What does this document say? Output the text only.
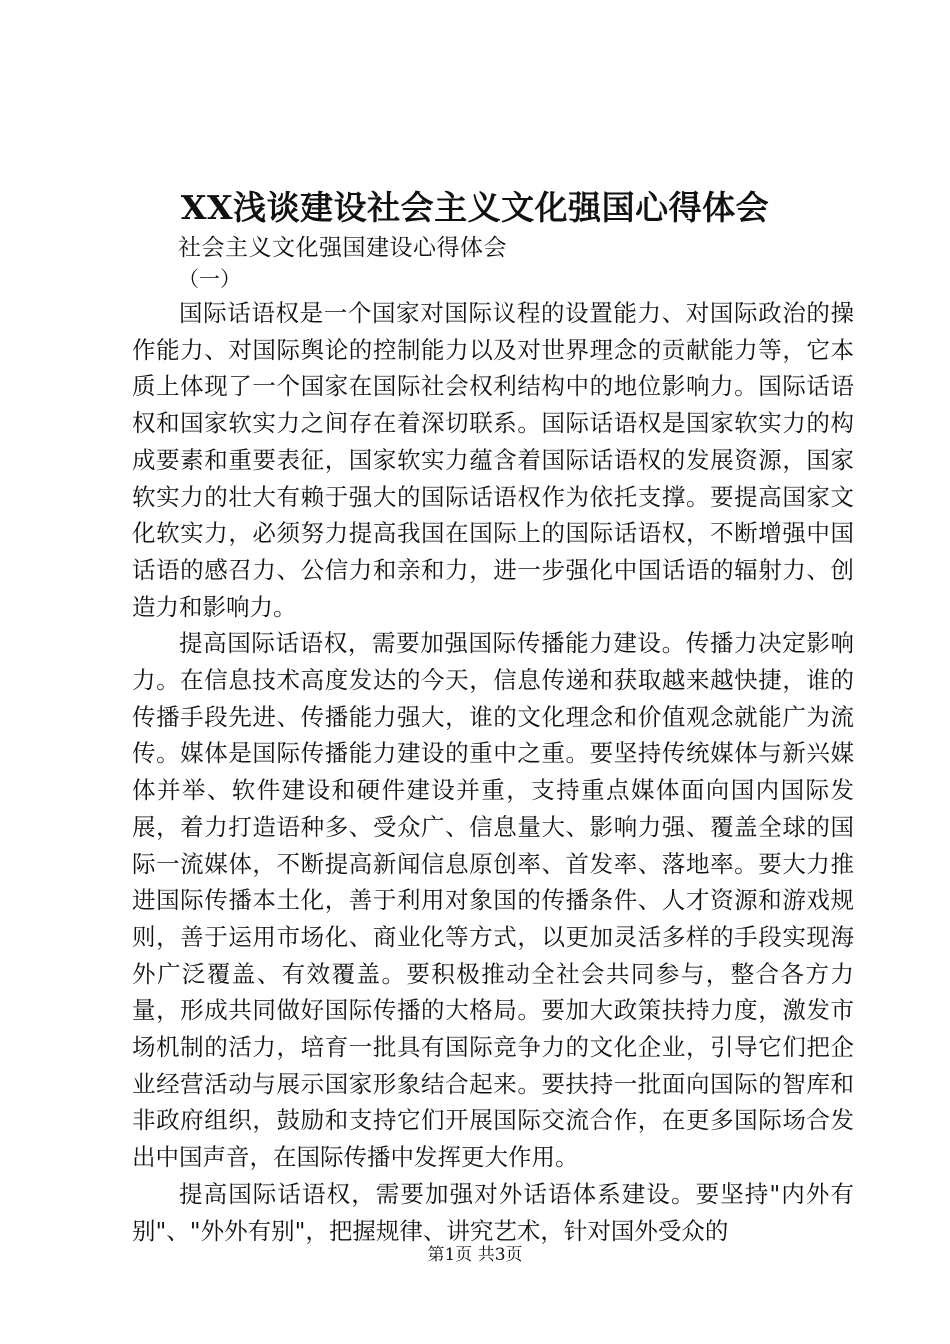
XX浅谈建设社会主义文化强国心得体会
社会主义文化强国建设心得体会
（一）

国际话语权是一个国家对国际议程的设置能力、对国际政治的操作能力、对国际舆论的控制能力以及对世界理念的贡献能力等，它本质上体现了一个国家在国际社会权利结构中的地位影响力。国际话语权和国家软实力之间存在着深切联系。国际话语权是国家软实力的构成要素和重要表征，国家软实力蕴含着国际话语权的发展资源，国家软实力的壮大有赖于强大的国际话语权作为依托支撑。要提高国家文化软实力，必须努力提高我国在国际上的国际话语权，不断增强中国话语的感召力、公信力和亲和力，进一步强化中国话语的辐射力、创造力和影响力。

提高国际话语权，需要加强国际传播能力建设。传播力决定影响力。在信息技术高度发达的今天，信息传递和获取越来越快捷，谁的传播手段先进、传播能力强大，谁的文化理念和价值观念就能广为流传。媒体是国际传播能力建设的重中之重。要坚持传统媒体与新兴媒体并举、软件建设和硬件建设并重，支持重点媒体面向国内国际发展，着力打造语种多、受众广、信息量大、影响力强、覆盖全球的国际一流媒体，不断提高新闻信息原创率、首发率、落地率。要大力推进国际传播本土化，善于利用对象国的传播条件、人才资源和游戏规则，善于运用市场化、商业化等方式，以更加灵活多样的手段实现海外广泛覆盖、有效覆盖。要积极推动全社会共同参与，整合各方力量，形成共同做好国际传播的大格局。要加大政策扶持力度，激发市场机制的活力，培育一批具有国际竞争力的文化企业，引导它们把企业经营活动与展示国家形象结合起来。要扶持一批面向国际的智库和非政府组织，鼓励和支持它们开展国际交流合作，在更多国际场合发出中国声音，在国际传播中发挥更大作用。

提高国际话语权，需要加强对外话语体系建设。要坚持"内外有别"、"外外有别"，把握规律、讲究艺术，针对国外受众的

第1页 共3页
